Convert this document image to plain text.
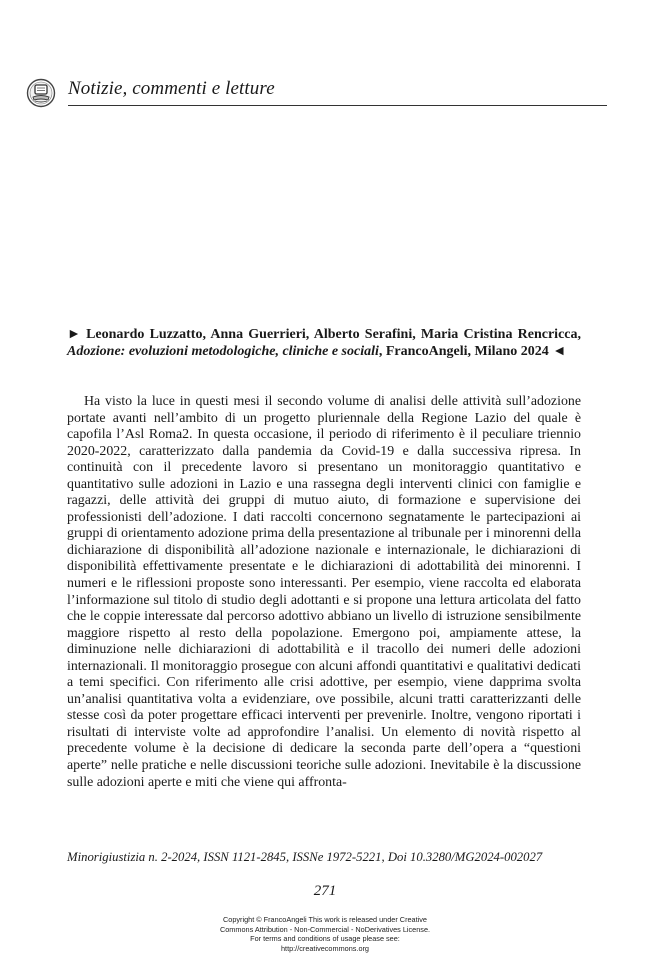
Notizie, commenti e letture
► Leonardo Luzzatto, Anna Guerrieri, Alberto Serafini, Maria Cristina Rencricca, Adozione: evoluzioni metodologiche, cliniche e sociali, FrancoAngeli, Milano 2024 ◄
Ha visto la luce in questi mesi il secondo volume di analisi delle attività sull’adozione portate avanti nell’ambito di un progetto pluriennale della Regione Lazio del quale è capofila l’Asl Roma2. In questa occasione, il periodo di riferimento è il peculiare triennio 2020-2022, caratterizzato dalla pandemia da Covid-19 e dalla successiva ripresa. In continuità con il precedente lavoro si presentano un monitoraggio quantitativo e quantitativo sulle adozioni in Lazio e una rassegna degli interventi clinici con famiglie e ragazzi, delle attività dei gruppi di mutuo aiuto, di formazione e supervisione dei professionisti dell’adozione. I dati raccolti concernono segnatamente le partecipazioni ai gruppi di orientamento adozione prima della presentazione al tribunale per i minorenni della dichiarazione di disponibilità all’adozione nazionale e internazionale, le dichiarazioni di disponibilità effettivamente presentate e le dichiarazioni di adottabilità dei minorenni. I numeri e le riflessioni proposte sono interessanti. Per esempio, viene raccolta ed elaborata l’informazione sul titolo di studio degli adottanti e si propone una lettura articolata del fatto che le coppie interessate dal percorso adottivo abbiano un livello di istruzione sensibilmente maggiore rispetto al resto della popolazione. Emergono poi, ampiamente attese, la diminuzione nelle dichiarazioni di adottabilità e il tracollo dei numeri delle adozioni internazionali. Il monitoraggio prosegue con alcuni affondi quantitativi e qualitativi dedicati a temi specifici. Con riferimento alle crisi adottive, per esempio, viene dapprima svolta un’analisi quantitativa volta a evidenziare, ove possibile, alcuni tratti caratterizzanti delle stesse così da poter progettare efficaci interventi per prevenirle. Inoltre, vengono riportati i risultati di interviste volte ad approfondire l’analisi. Un elemento di novità rispetto al precedente volume è la decisione di dedicare la seconda parte dell’opera a “questioni aperte” nelle pratiche e nelle discussioni teoriche sulle adozioni. Inevitabile è la discussione sulle adozioni aperte e miti che viene qui affronta-
Minorigiustizia n. 2-2024, ISSN 1121-2845, ISSNe 1972-5221, Doi 10.3280/MG2024-002027
271
Copyright © FrancoAngeli This work is released under Creative
Commons Attribution - Non-Commercial - NoDerivatives License.
For terms and conditions of usage please see:
http://creativecommons.org
